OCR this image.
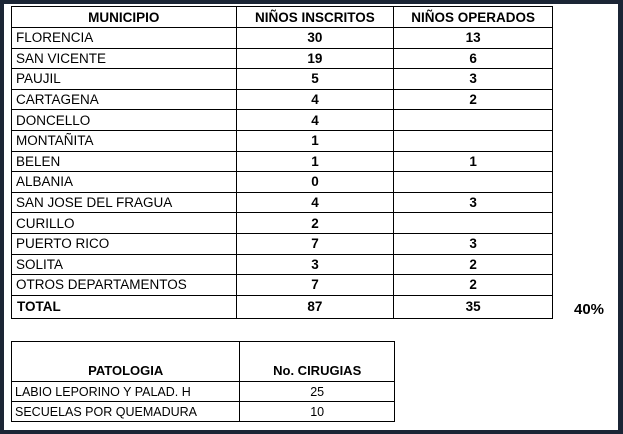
MUNICIPIO	NIÑOS INSCRITOS	NIÑOS OPERADOS
FLORENCIA	30	13
SAN VICENTE	19	6
PAUJIL	5	3
CARTAGENA	4	2
DONCELLO	4	
MONTAÑITA	1	
BELEN	1	1
ALBANIA	0	
SAN JOSE DEL FRAGUA	4	3
CURILLO	2	
PUERTO RICO	7	3
SOLITA	3	2
OTROS DEPARTAMENTOS	7	2
TOTAL	87	35	40%
PATOLOGIA	No. CIRUGIAS
LABIO LEPORINO Y PALAD. H	25
SECUELAS POR QUEMADURA	10
